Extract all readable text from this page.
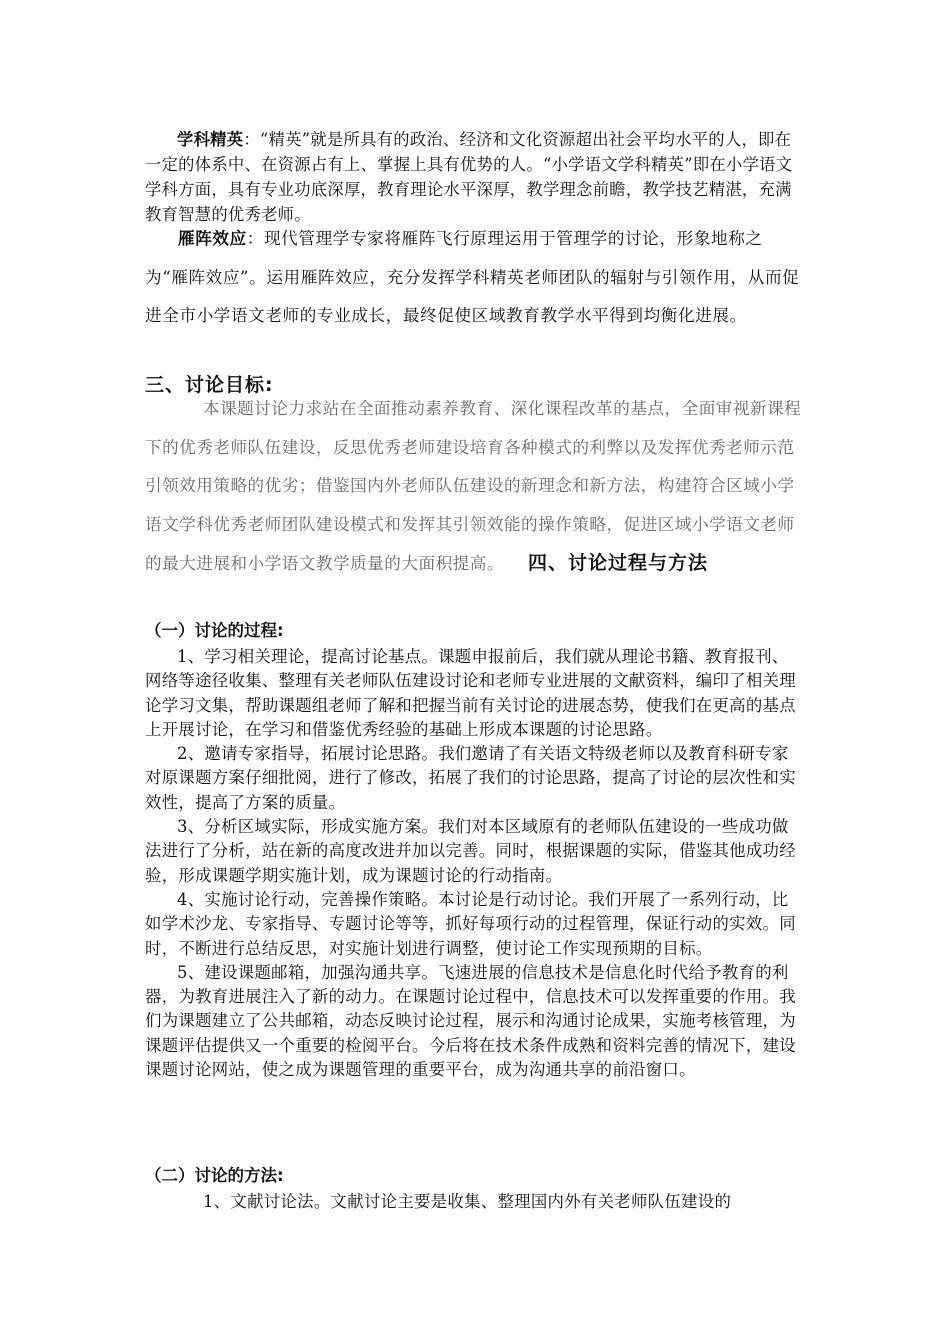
学科精英：“精英”就是所具有的政治、经济和文化资源超出社会平均水平的人，即在一定的体系中、在资源占有上、掌握上具有优势的人。“小学语文学科精英”即在小学语文学科方面，具有专业功底深厚，教育理论水平深厚，教学理念前瞻，教学技艺精湛，充满教育智慧的优秀老师。

雁阵效应：现代管理学专家将雁阵飞行原理运用于管理学的讨论，形象地称之为“雁阵效应”。运用雁阵效应，充分发挥学科精英老师团队的辐射与引领作用，从而促进全市小学语文老师的专业成长，最终促使区域教育教学水平得到均衡化进展。

三、讨论目标:

本课题讨论力求站在全面推动素养教育、深化课程改革的基点，全面审视新课程下的优秀老师队伍建设，反思优秀老师建设培育各种模式的利弊以及发挥优秀老师示范引领效用策略的优劣；借鉴国内外老师队伍建设的新理念和新方法，构建符合区域小学语文学科优秀老师团队建设模式和发挥其引领效能的操作策略，促进区域小学语文老师的最大进展和小学语文教学质量的大面积提高。 四、讨论过程与方法

（一）讨论的过程:

1、学习相关理论，提高讨论基点。课题申报前后，我们就从理论书籍、教育报刊、网络等途径收集、整理有关老师队伍建设讨论和老师专业进展的文献资料，编印了相关理论学习文集，帮助课题组老师了解和把握当前有关讨论的进展态势，使我们在更高的基点上开展讨论，在学习和借鉴优秀经验的基础上形成本课题的讨论思路。

2、邀请专家指导，拓展讨论思路。我们邀请了有关语文特级老师以及教育科研专家对原课题方案仔细批阅，进行了修改，拓展了我们的讨论思路，提高了讨论的层次性和实效性，提高了方案的质量。

3、分析区域实际，形成实施方案。我们对本区域原有的老师队伍建设的一些成功做法进行了分析，站在新的高度改进并加以完善。同时，根据课题的实际，借鉴其他成功经验，形成课题学期实施计划，成为课题讨论的行动指南。

4、实施讨论行动，完善操作策略。本讨论是行动讨论。我们开展了一系列行动，比如学术沙龙、专家指导、专题讨论等等，抓好每项行动的过程管理，保证行动的实效。同时，不断进行总结反思，对实施计划进行调整，使讨论工作实现预期的目标。

5、建设课题邮箱，加强沟通共享。飞速进展的信息技术是信息化时代给予教育的利器，为教育进展注入了新的动力。在课题讨论过程中，信息技术可以发挥重要的作用。我们为课题建立了公共邮箱，动态反映讨论过程，展示和沟通讨论成果，实施考核管理，为课题评估提供又一个重要的检阅平台。今后将在技术条件成熟和资料完善的情况下，建设课题讨论网站，使之成为课题管理的重要平台，成为沟通共享的前沿窗口。

（二）讨论的方法:

1、文献讨论法。文献讨论主要是收集、整理国内外有关老师队伍建设的
